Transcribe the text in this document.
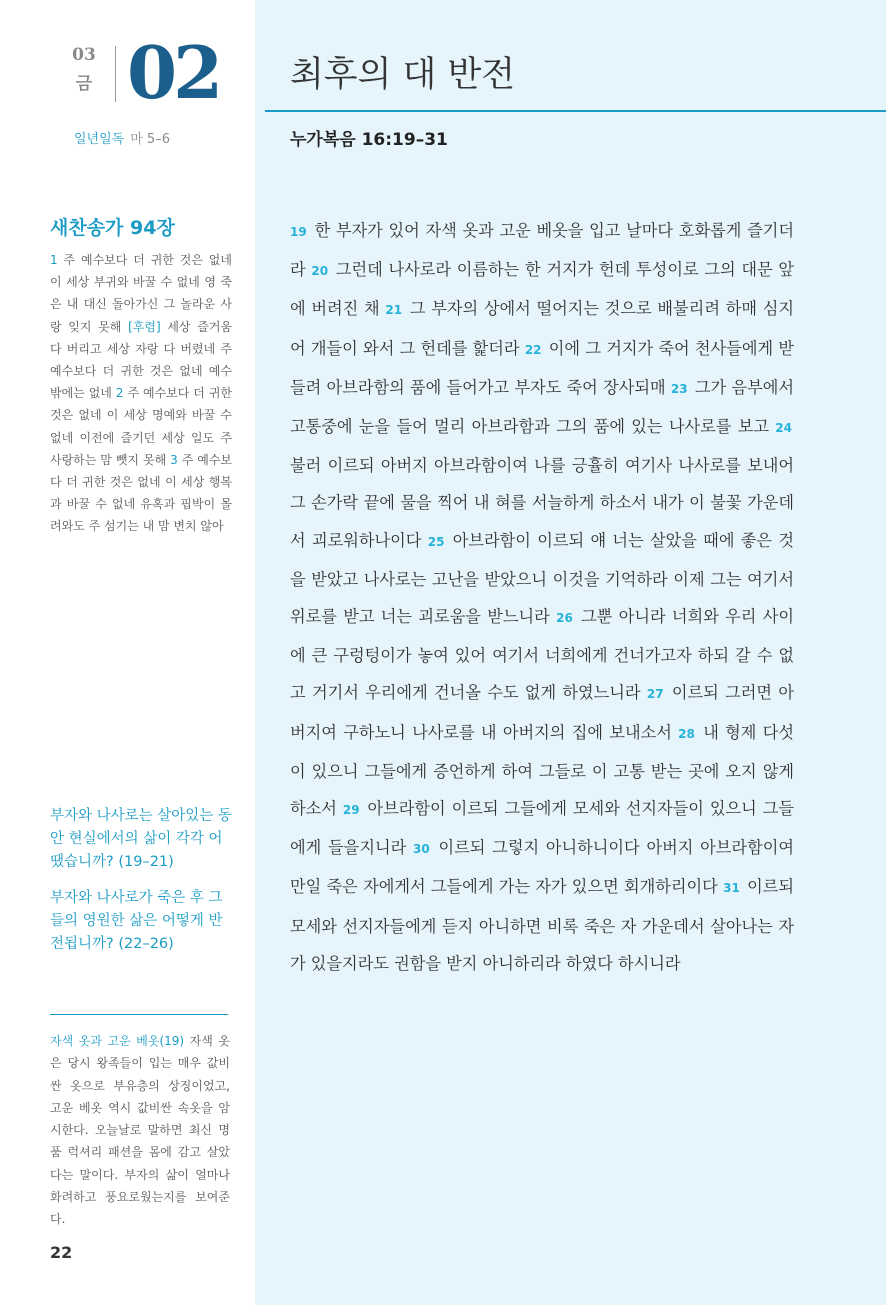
03
금 02
일년일독 마 5–6
새찬송가 94장
1 주 예수보다 더 귀한 것은 없네 이 세상 부귀와 바꿀 수 없네 영 죽은 내 대신 돌아가신 그 놀라운 사랑 잊지 못해 [후렴] 세상 즐거움 다 버리고 세상 자랑 다 버렸네 주 예수보다 더 귀한 것은 없네 예수 밖에는 없네 2 주 예수보다 더 귀한 것은 없네 이 세상 명예와 바꿀 수 없네 이전에 즐기던 세상 일도 주 사랑하는 맘 뺏지 못해 3 주 예수보다 더 귀한 것은 없네 이 세상 행복과 바꿀 수 없네 유혹과 핍박이 몰려와도 주 섬기는 내 맘 변치 않아
부자와 나사로는 살아있는 동안 현실에서의 삶이 각각 어땠습니까? (19–21)
부자와 나사로가 죽은 후 그들의 영원한 삶은 어떻게 반전됩니까? (22–26)
자색 옷과 고운 베옷(19) 자색 옷은 당시 왕족들이 입는 매우 값비싼 옷으로 부유층의 상징이었고, 고운 베옷 역시 값비싼 속옷을 암시한다. 오늘날로 말하면 최신 명품 럭셔리 패션을 몸에 감고 살았다는 말이다. 부자의 삶이 얼마나 화려하고 풍요로웠는지를 보여준다.
22
최후의 대 반전
누가복음 16:19–31
19 한 부자가 있어 자색 옷과 고운 베옷을 입고 날마다 호화롭게 즐기더라 20 그런데 나사로라 이름하는 한 거지가 헌데 투성이로 그의 대문 앞에 버려진 채 21 그 부자의 상에서 떨어지는 것으로 배불리려 하매 심지어 개들이 와서 그 헌데를 핥더라 22 이에 그 거지가 죽어 천사들에게 받들려 아브라함의 품에 들어가고 부자도 죽어 장사되매 23 그가 음부에서 고통중에 눈을 들어 멀리 아브라함과 그의 품에 있는 나사로를 보고 24 불러 이르되 아버지 아브라함이여 나를 긍휼히 여기사 나사로를 보내어 그 손가락 끝에 물을 찍어 내 혀를 서늘하게 하소서 내가 이 불꽃 가운데서 괴로워하나이다 25 아브라함이 이르되 얘 너는 살았을 때에 좋은 것을 받았고 나사로는 고난을 받았으니 이것을 기억하라 이제 그는 여기서 위로를 받고 너는 괴로움을 받느니라 26 그뿐 아니라 너희와 우리 사이에 큰 구렁텅이가 놓여 있어 여기서 너희에게 건너가고자 하되 갈 수 없고 거기서 우리에게 건너올 수도 없게 하였느니라 27 이르되 그러면 아버지여 구하노니 나사로를 내 아버지의 집에 보내소서 28 내 형제 다섯이 있으니 그들에게 증언하게 하여 그들로 이 고통 받는 곳에 오지 않게 하소서 29 아브라함이 이르되 그들에게 모세와 선지자들이 있으니 그들에게 들을지니라 30 이르되 그렇지 아니하니이다 아버지 아브라함이여 만일 죽은 자에게서 그들에게 가는 자가 있으면 회개하리이다 31 이르되 모세와 선지자들에게 듣지 아니하면 비록 죽은 자 가운데서 살아나는 자가 있을지라도 권함을 받지 아니하리라 하였다 하시니라
